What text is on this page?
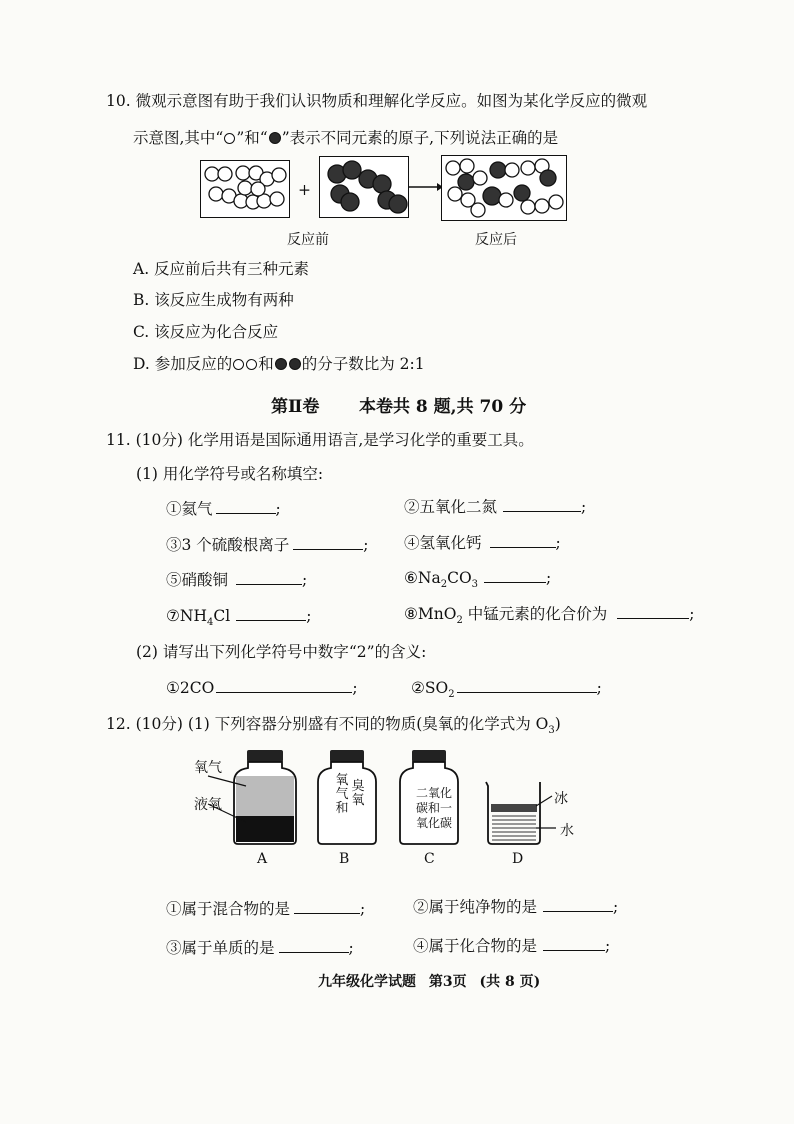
10. 微观示意图有助于我们认识物质和理解化学反应。如图为某化学反应的微观
示意图,其中“ ”和“ ”表示不同元素的原子,下列说法正确的是
+
反应前	反应后
A. 反应前后共有三种元素
B. 该反应生成物有两种
C. 该反应为化合反应
D. 参加反应的 和 的分子数比为 2:1
第Ⅱ卷 本卷共 8 题,共 70 分
11. (10分) 化学用语是国际通用语言,是学习化学的重要工具。
(1) 用化学符号或名称填空:
①氦气	;	②五氧化二氮	;
③3 个硫酸根离子	; ④氢氧化钙	;
⑤硝酸铜	;	$⑥Na_2CO_3$	;
$⑦NH_4Cl$	;	⑧MnO$_2$ 中锰元素的化合价为	;
(2) 请写出下列化学符号中数字“2”的含义:
①2CO	;	$②SO_2$	;
12. (10分) (1) 下列容器分别盛有不同的物质(臭氧的化学式为 $O_3$)
氧气
液氧
氧
气
和
臭
氧	二氧化
碳和一
氧化碳
冰
水
A	B	C	D
①属于混合物的是	;	②属于纯净物的是	;
③属于单质的是	;	④属于化合物的是	;
九年级化学试题 第3页 (共 8 页)
